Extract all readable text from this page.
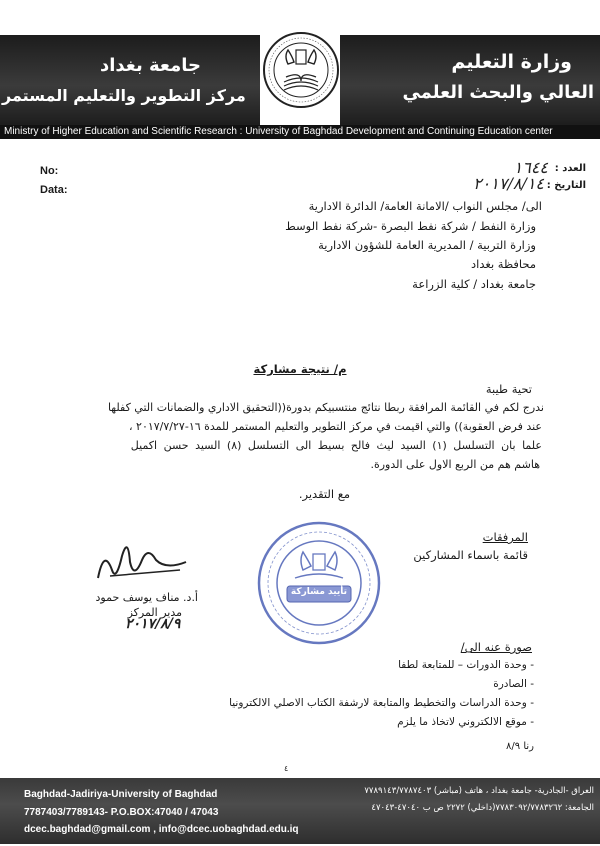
وزارة التعليم
العالي والبحث العلمي
جامعة بغداد
مركز التطوير والتعليم المستمر
Ministry of Higher Education and Scientific Research : University of Baghdad Development and Continuing Education center
No:
Data:
العدد :
التاريخ :
١٦٤٤
٢٠١٧/٨/١٤
الى/ مجلس النواب /الامانة العامة/ الدائرة الادارية
وزارة النفط / شركة نفط البصرة -شركة نفط الوسط
وزارة التربية / المديرية العامة للشؤون الادارية
محافظة بغداد
جامعة بغداد / كلية الزراعة
م/ نتيجة مشاركة
تحية طيبة
ندرج لكم في القائمة المرافقة ربطا نتائج منتسبيكم بدورة((التحقيق الاداري والضمانات التي كفلها
عند فرض العقوبة)) والتي اقيمت في مركز التطوير والتعليم المستمر للمدة ١٦-٢٠١٧/٧/٢٧ ،
علما بان التسلسل (١) السيد ليث فالح بسيط الى التسلسل (٨) السيد حسن اكميل
هاشم هم من الربع الاول على الدورة.
مع التقدير.
المرفقات
قائمة باسماء المشاركين
أ.د. مناف يوسف حمود
مدير المركز
٢٠١٧/٨/٩
تأييد مشاركة
صورة عنه الى/
- وحدة الدورات – للمتابعة لطفا
- الصادرة
- وحدة الدراسات والتخطيط والمتابعة لارشفة الكتاب الاصلي الالكترونيا
- موقع الالكتروني لاتخاذ ما يلزم
رنا ٨/٩
٤
Baghdad-Jadiriya-University of Baghdad
7787403/7789143- P.O.BOX:47040 / 47043
dcec.baghdad@gmail.com , info@dcec.uobaghdad.edu.iq
العراق -الجادرية- جامعة بغداد ، هاتف (مباشر) ٧٧٨٩١٤٣/٧٧٨٧٤٠٣
الجامعة: ٧٧٨٣٠٩٢/٧٧٨٣٢٦٢(داخلي) ٢٢٧٢ ص ب ٤٧٠٤٠-٤٧٠٤٣
